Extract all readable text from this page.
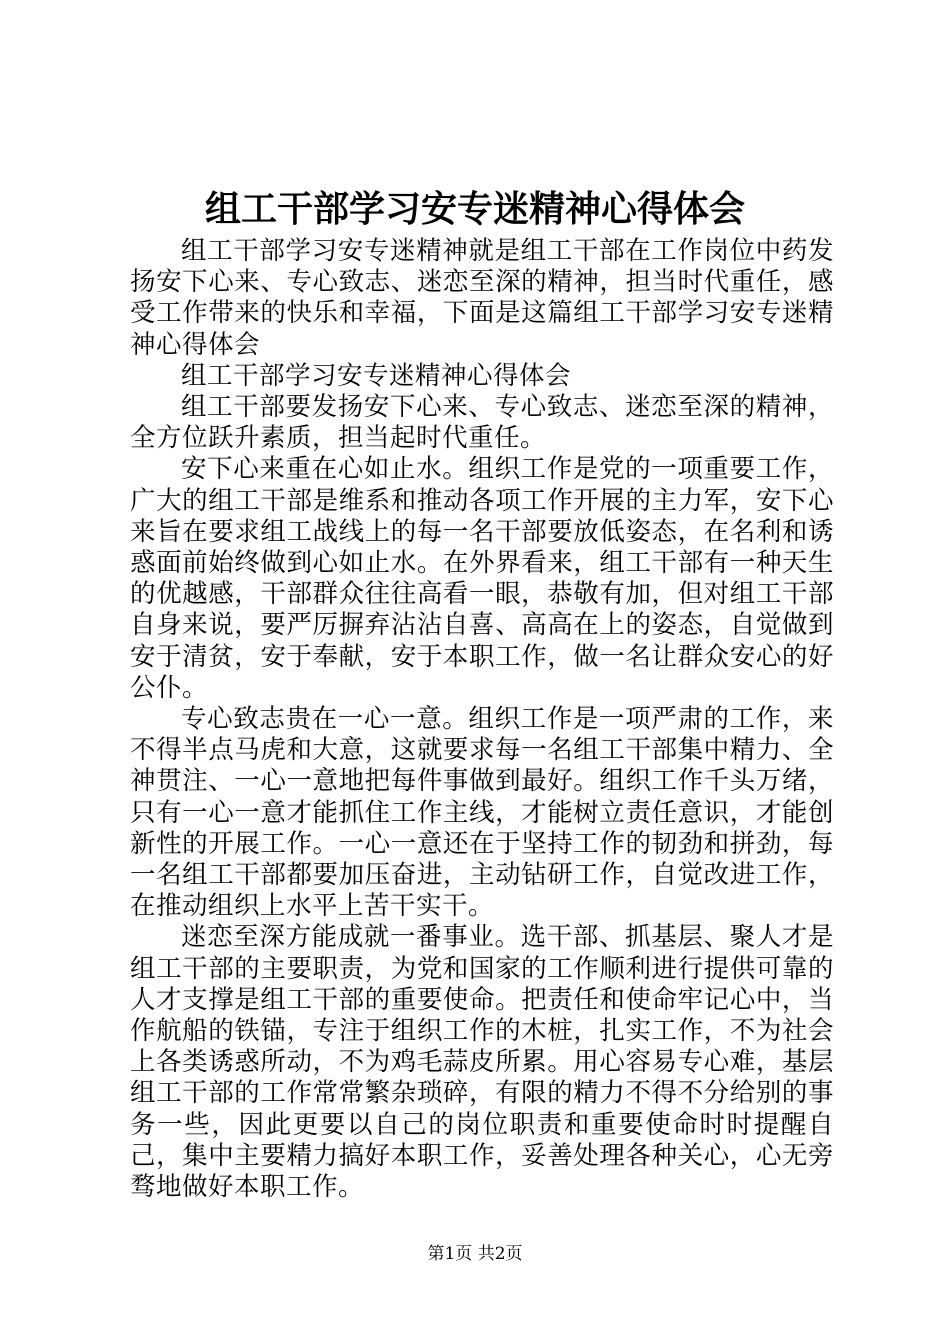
组工干部学习安专迷精神心得体会

组工干部学习安专迷精神就是组工干部在工作岗位中药发扬安下心来、专心致志、迷恋至深的精神，担当时代重任，感受工作带来的快乐和幸福，下面是这篇组工干部学习安专迷精神心得体会

组工干部学习安专迷精神心得体会

组工干部要发扬安下心来、专心致志、迷恋至深的精神，全方位跃升素质，担当起时代重任。

安下心来重在心如止水。组织工作是党的一项重要工作，广大的组工干部是维系和推动各项工作开展的主力军，安下心来旨在要求组工战线上的每一名干部要放低姿态，在名利和诱惑面前始终做到心如止水。在外界看来，组工干部有一种天生的优越感，干部群众往往高看一眼，恭敬有加，但对组工干部自身来说，要严厉摒弃沾沾自喜、高高在上的姿态，自觉做到安于清贫，安于奉献，安于本职工作，做一名让群众安心的好公仆。

专心致志贵在一心一意。组织工作是一项严肃的工作，来不得半点马虎和大意，这就要求每一名组工干部集中精力、全神贯注、一心一意地把每件事做到最好。组织工作千头万绪，只有一心一意才能抓住工作主线，才能树立责任意识，才能创新性的开展工作。一心一意还在于坚持工作的韧劲和拼劲，每一名组工干部都要加压奋进，主动钻研工作，自觉改进工作，在推动组织上水平上苦干实干。

迷恋至深方能成就一番事业。选干部、抓基层、聚人才是组工干部的主要职责，为党和国家的工作顺利进行提供可靠的人才支撑是组工干部的重要使命。把责任和使命牢记心中，当作航船的铁锚，专注于组织工作的木桩，扎实工作，不为社会上各类诱惑所动，不为鸡毛蒜皮所累。用心容易专心难，基层组工干部的工作常常繁杂琐碎，有限的精力不得不分给别的事务一些，因此更要以自己的岗位职责和重要使命时时提醒自己，集中主要精力搞好本职工作，妥善处理各种关心，心无旁骛地做好本职工作。

第1页 共2页
